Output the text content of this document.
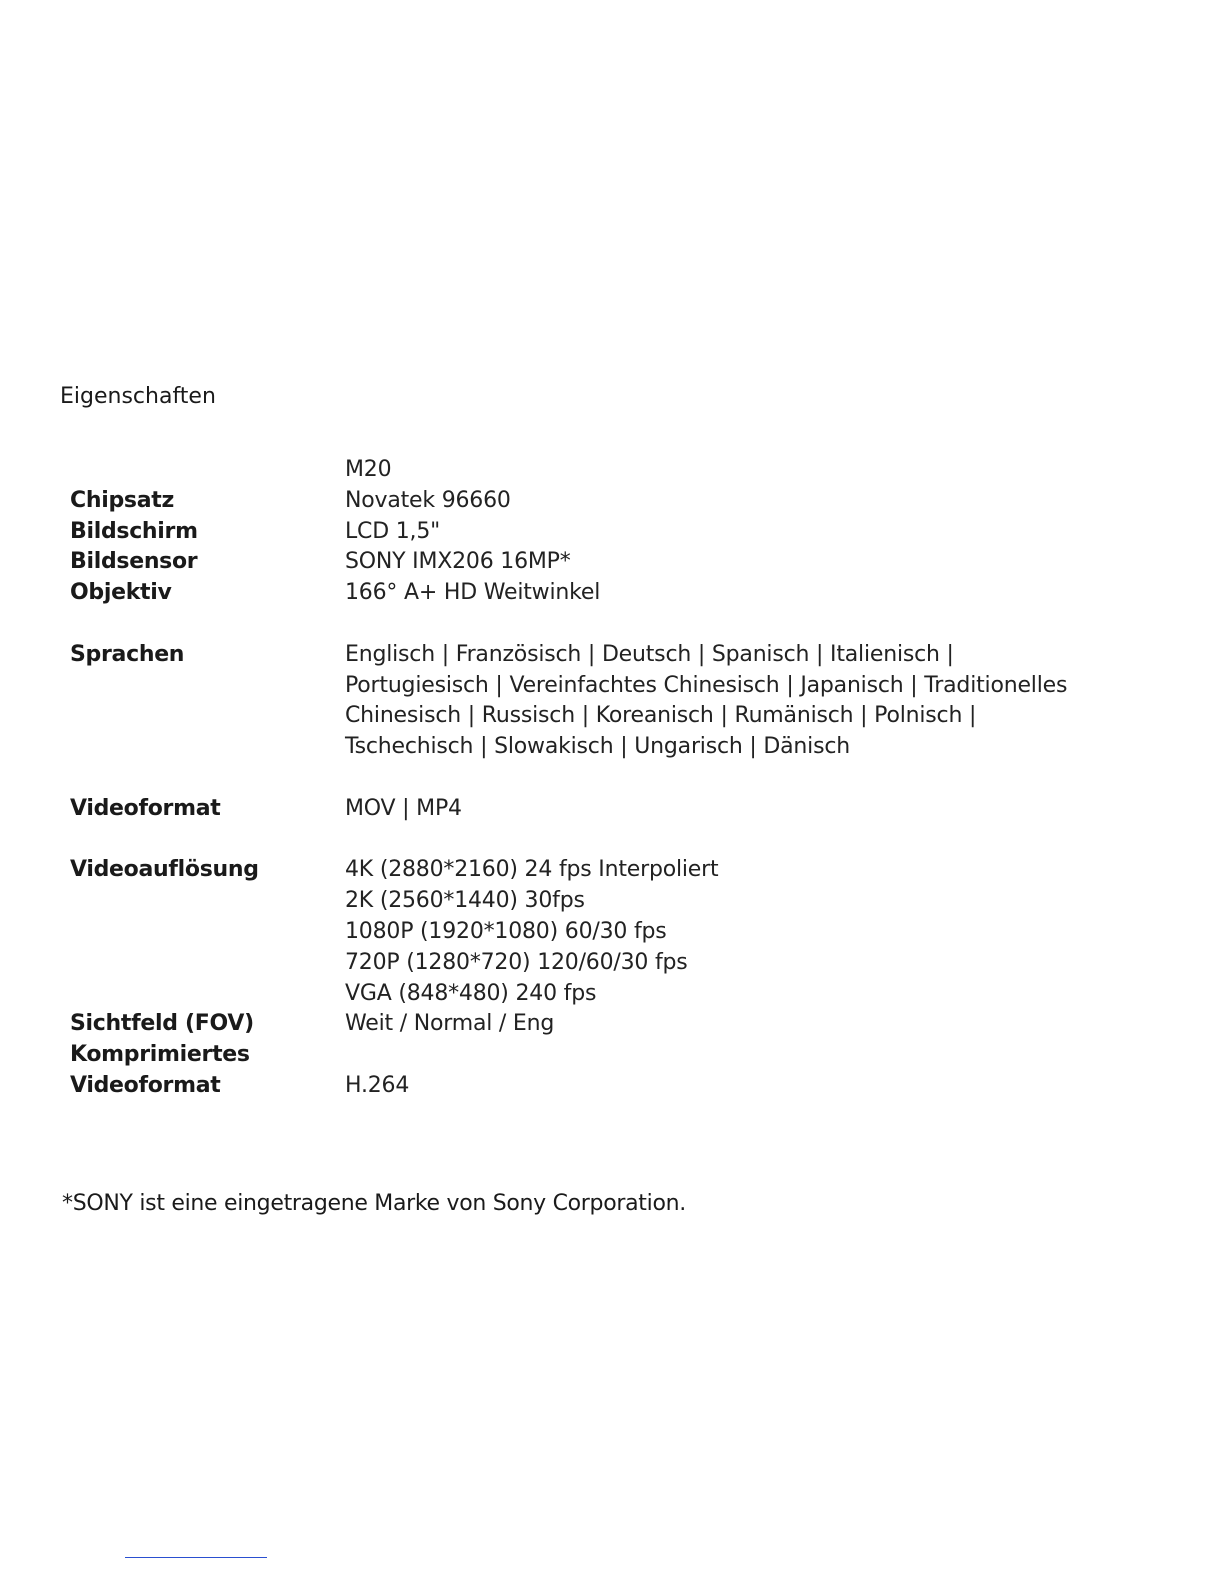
Eigenschaften
Chipsatz
Bildschirm
Bildsensor
Objektiv
Sprachen
Videoformat
Videoauflösung
Sichtfeld (FOV)
Komprimiertes
Videoformat
M20
Novatek 96660
LCD 1,5"
SONY IMX206 16MP*
166° A+ HD Weitwinkel
Englisch | Französisch | Deutsch | Spanisch | Italienisch |
Portugiesisch | Vereinfachtes Chinesisch | Japanisch | Traditionelles
Chinesisch | Russisch | Koreanisch | Rumänisch | Polnisch |
Tschechisch | Slowakisch | Ungarisch | Dänisch
MOV | MP4
4K (2880*2160) 24 fps Interpoliert
2K (2560*1440) 30fps
1080P (1920*1080) 60/30 fps
720P (1280*720) 120/60/30 fps
VGA (848*480) 240 fps
Weit / Normal / Eng
H.264
*SONY ist eine eingetragene Marke von Sony Corporation.
